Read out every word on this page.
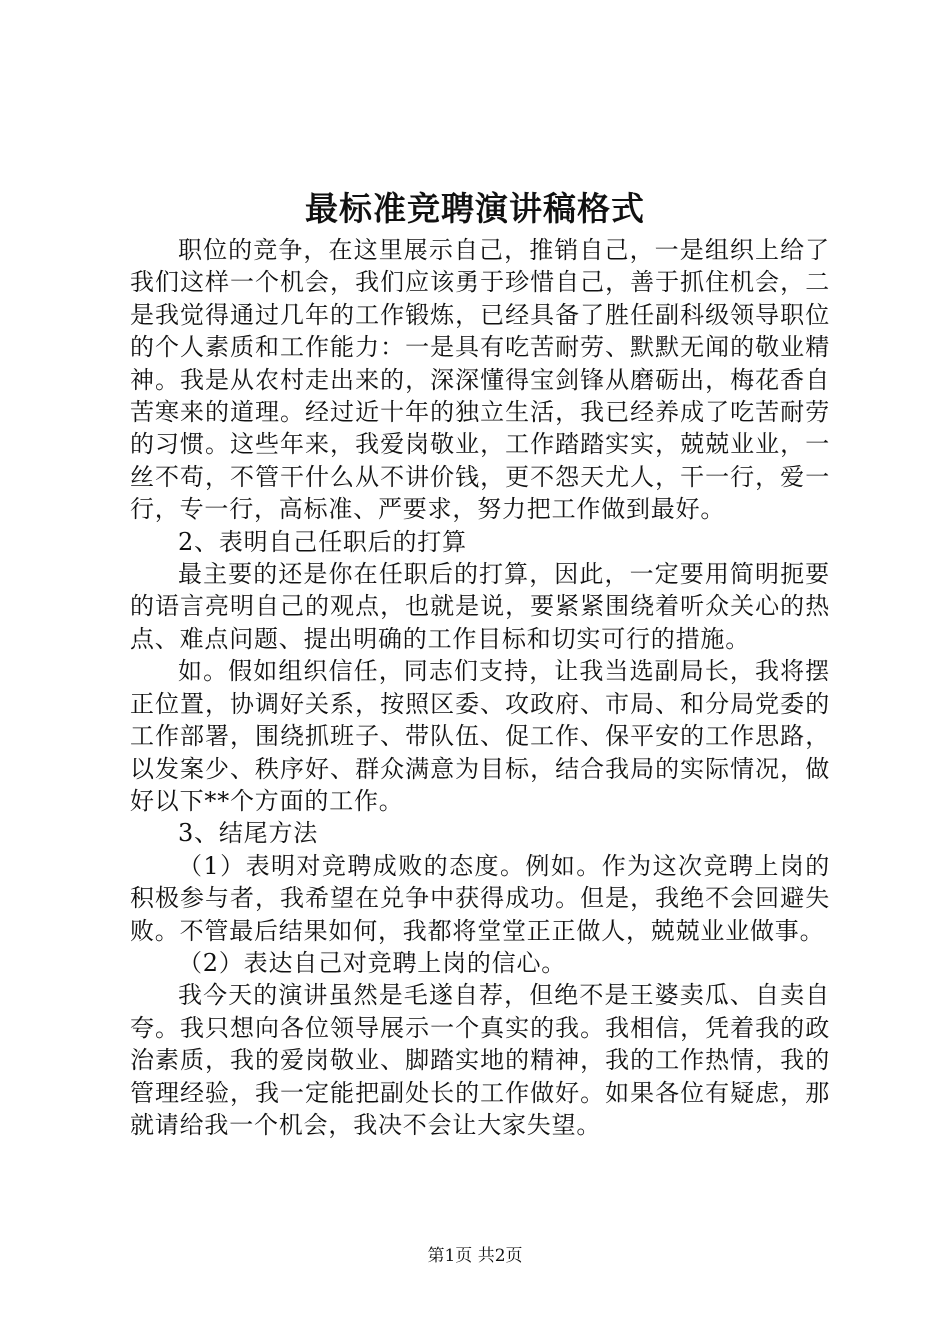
最标准竞聘演讲稿格式

职位的竞争，在这里展示自己，推销自己，一是组织上给了我们这样一个机会，我们应该勇于珍惜自己，善于抓住机会，二是我觉得通过几年的工作锻炼，已经具备了胜任副科级领导职位的个人素质和工作能力：一是具有吃苦耐劳、默默无闻的敬业精神。我是从农村走出来的，深深懂得宝剑锋从磨砺出，梅花香自苦寒来的道理。经过近十年的独立生活，我已经养成了吃苦耐劳的习惯。这些年来，我爱岗敬业，工作踏踏实实，兢兢业业，一丝不苟，不管干什么从不讲价钱，更不怨天尤人，干一行，爱一行，专一行，高标准、严要求，努力把工作做到最好。

2、表明自己任职后的打算

最主要的还是你在任职后的打算，因此，一定要用简明扼要的语言亮明自己的观点，也就是说，要紧紧围绕着听众关心的热点、难点问题、提出明确的工作目标和切实可行的措施。

如。假如组织信任，同志们支持，让我当选副局长，我将摆正位置，协调好关系，按照区委、攻政府、市局、和分局党委的工作部署，围绕抓班子、带队伍、促工作、保平安的工作思路，以发案少、秩序好、群众满意为目标，结合我局的实际情况，做好以下**个方面的工作。

3、结尾方法

（1）表明对竞聘成败的态度。例如。作为这次竞聘上岗的积极参与者，我希望在兑争中获得成功。但是，我绝不会回避失败。不管最后结果如何，我都将堂堂正正做人，兢兢业业做事。

（2）表达自己对竞聘上岗的信心。

我今天的演讲虽然是毛遂自荐，但绝不是王婆卖瓜、自卖自夸。我只想向各位领导展示一个真实的我。我相信，凭着我的政治素质，我的爱岗敬业、脚踏实地的精神，我的工作热情，我的管理经验，我一定能把副处长的工作做好。如果各位有疑虑，那就请给我一个机会，我决不会让大家失望。

第1页 共2页
